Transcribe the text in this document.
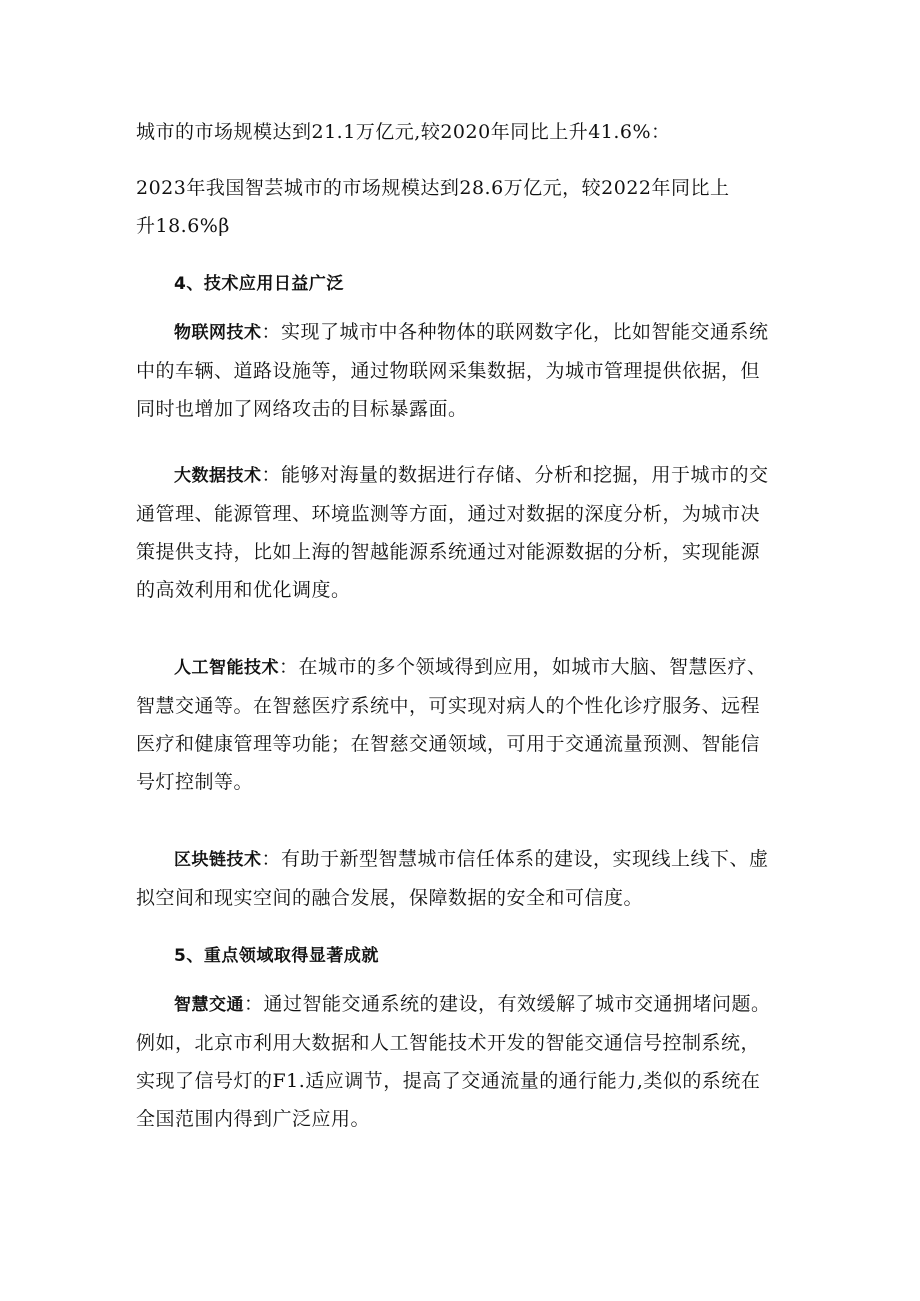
城市的市场规模达到21.1万亿元,较2020年同比上升41.6%：
2023年我国智芸城市的市场规模达到28.6万亿元，较2022年同比上
升18.6%β
4、技术应用日益广泛
物联网技术：实现了城市中各种物体的联网数字化，比如智能交通系统
中的车辆、道路设施等，通过物联网采集数据，为城市管理提供依据，但
同时也增加了网络攻击的目标暴露面。
大数据技术：能够对海量的数据进行存储、分析和挖掘，用于城市的交
通管理、能源管理、环境监测等方面，通过对数据的深度分析，为城市决
策提供支持，比如上海的智越能源系统通过对能源数据的分析，实现能源
的高效利用和优化调度。
人工智能技术：在城市的多个领域得到应用，如城市大脑、智慧医疗、
智慧交通等。在智慈医疗系统中，可实现对病人的个性化诊疗服务、远程
医疗和健康管理等功能；在智慈交通领域，可用于交通流量预测、智能信
号灯控制等。
区块链技术：有助于新型智慧城市信任体系的建设，实现线上线下、虚
拟空间和现实空间的融合发展，保障数据的安全和可信度。
5、重点领域取得显著成就
智慧交通：通过智能交通系统的建设，有效缓解了城市交通拥堵问题。
例如，北京市利用大数据和人工智能技术开发的智能交通信号控制系统，
实现了信号灯的F1.适应调节，提高了交通流量的通行能力,类似的系统在
全国范围内得到广泛应用。
